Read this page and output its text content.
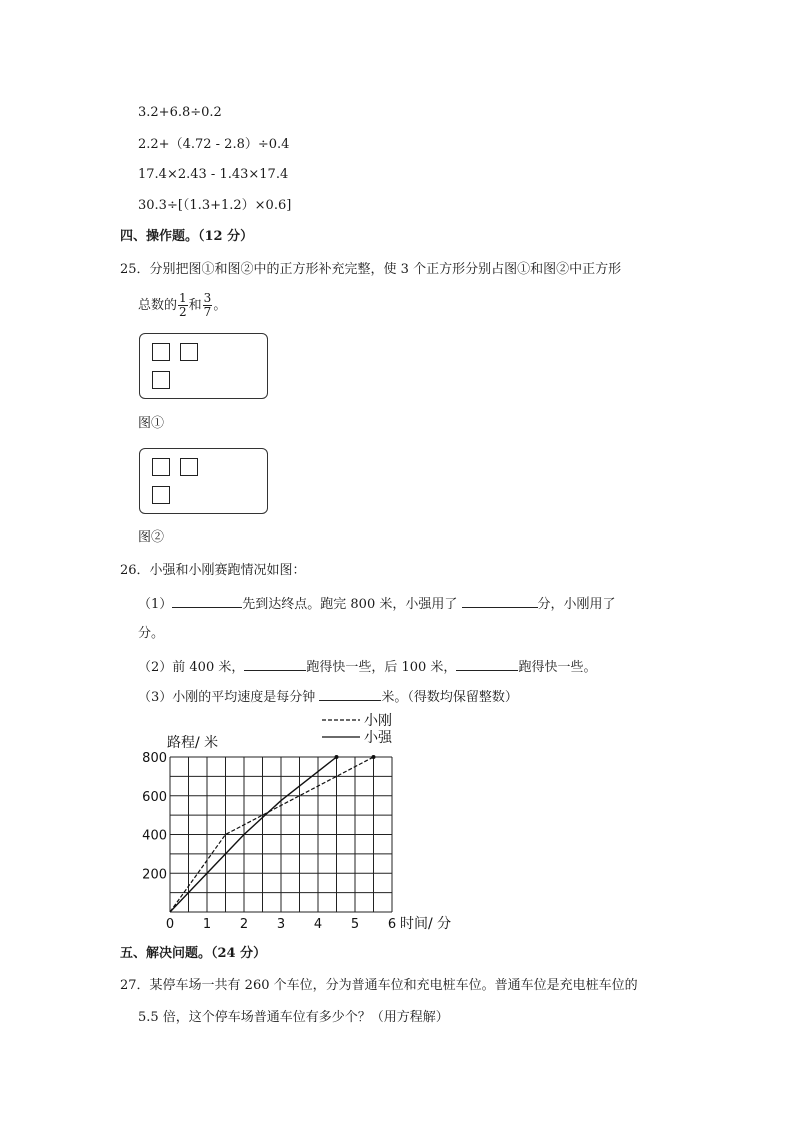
3.2+6.8÷0.2
2.2+（4.72 - 2.8）÷0.4
17.4×2.43 - 1.43×17.4
30.3÷[（1.3+1.2）×0.6]
四、操作题。（12 分）
25．分别把图①和图②中的正方形补充完整，使 3 个正方形分别占图①和图②中正方形
总数的 $\frac{1}{2}$ 和 $\frac{3}{7}$ 。
图①
图②
26．小强和小刚赛跑情况如图：
（1）	先到达终点。跑完 800 米，小强用了	分，小刚用了
分。
（2）前 400 米，	跑得快一些，后 100 米，	跑得快一些。
（3）小刚的平均速度是每分钟	米。（得数均保留整数）
0 1 2 3 4 5 6
200
400
600
800
路程/ 米
时间/ 分
小刚
小强
五、解决问题。（24 分）
27．某停车场一共有 260 个车位，分为普通车位和充电桩车位。普通车位是充电桩车位的
5.5 倍，这个停车场普通车位有多少个？（用方程解）
